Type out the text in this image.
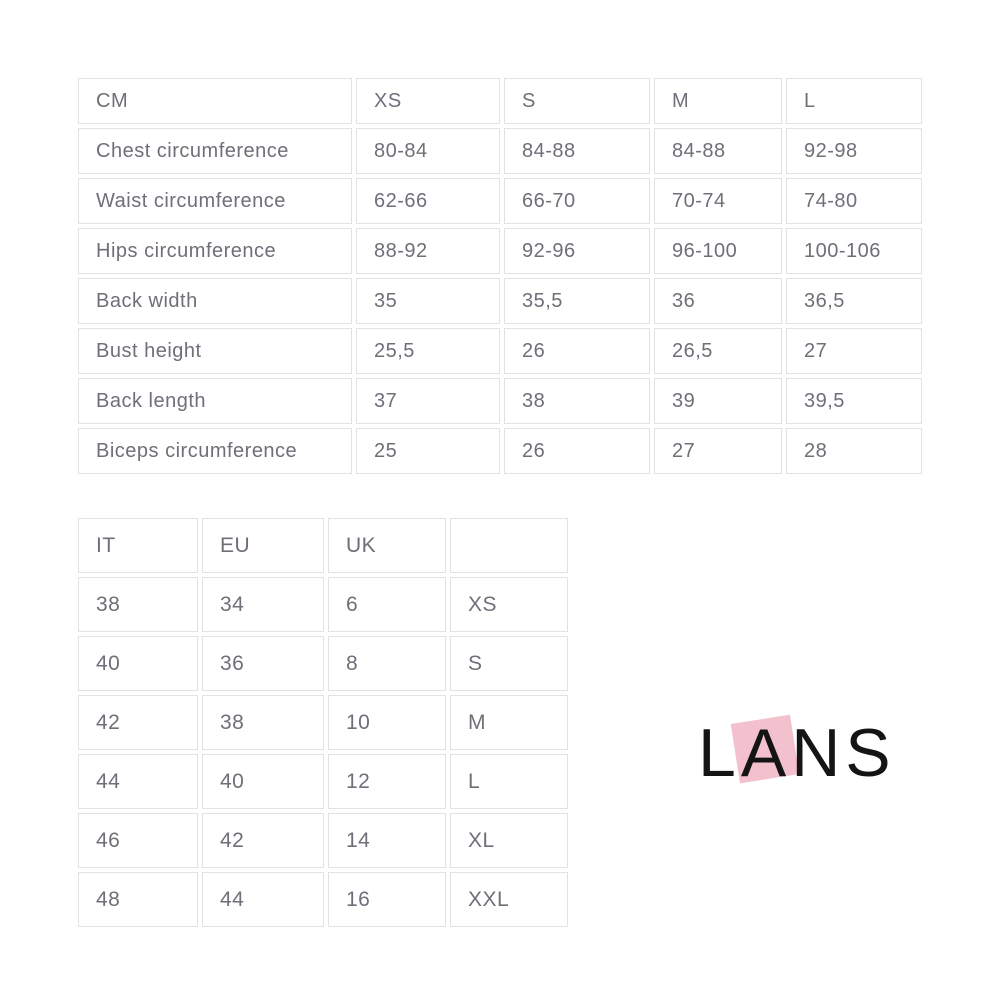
CM	XS	S	M	L
Chest circumference	80-84	84-88	84-88	92-98
Waist circumference	62-66	66-70	70-74	74-80
Hips circumference	88-92	92-96	96-100	100-106
Back width	35	35,5	36	36,5
Bust height	25,5	26	26,5	27
Back length	37	38	39	39,5
Biceps circumference	25	26	27	28
IT	EU	UK	
38	34	6	XS
40	36	8	S
42	38	10	M
44	40	12	L
46	42	14	XL
48	44	16	XXL
L A N S
